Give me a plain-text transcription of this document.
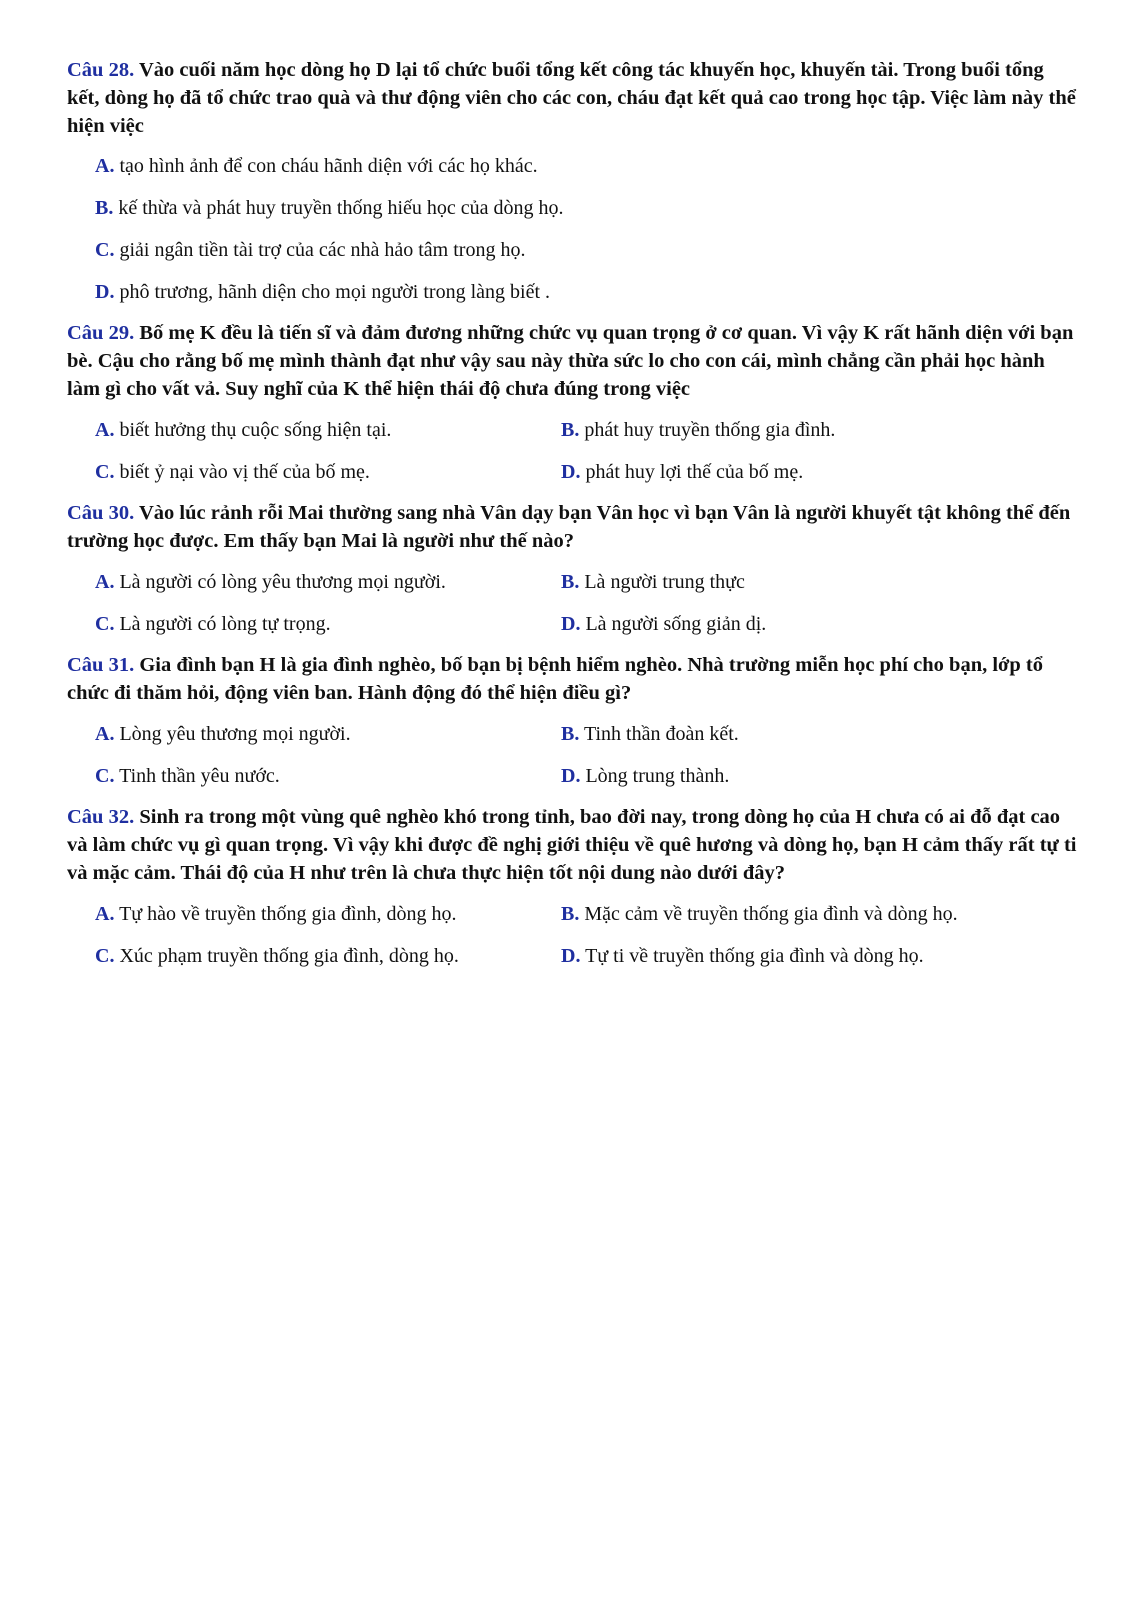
Câu 28. Vào cuối năm học dòng họ D lại tổ chức buổi tổng kết công tác khuyến học, khuyến tài. Trong buổi tổng kết, dòng họ đã tổ chức trao quà và thư động viên cho các con, cháu đạt kết quả cao trong học tập. Việc làm này thể hiện việc

A. tạo hình ảnh để con cháu hãnh diện với các họ khác.

B. kế thừa và phát huy truyền thống hiếu học của dòng họ.

C. giải ngân tiền tài trợ của các nhà hảo tâm trong họ.

D. phô trương, hãnh diện cho mọi người trong làng biết .

Câu 29. Bố mẹ K đều là tiến sĩ và đảm đương những chức vụ quan trọng ở cơ quan. Vì vậy K rất hãnh diện với bạn bè. Cậu cho rằng bố mẹ mình thành đạt như vậy sau này thừa sức lo cho con cái, mình chẳng cần phải học hành làm gì cho vất vả. Suy nghĩ của K thể hiện thái độ chưa đúng trong việc

A. biết hưởng thụ cuộc sống hiện tại.	B. phát huy truyền thống gia đình.

C. biết ỷ nại vào vị thế của bố mẹ.	D. phát huy lợi thế của bố mẹ.

Câu 30. Vào lúc rảnh rỗi Mai thường sang nhà Vân dạy bạn Vân học vì bạn Vân là người khuyết tật không thể đến trường học được. Em thấy bạn Mai là người như thế nào?

A. Là người có lòng yêu thương mọi người.	B. Là người trung thực

C. Là người có lòng tự trọng.	D. Là người sống giản dị.

Câu 31. Gia đình bạn H là gia đình nghèo, bố bạn bị bệnh hiểm nghèo. Nhà trường miễn học phí cho bạn, lớp tổ chức đi thăm hỏi, động viên ban. Hành động đó thể hiện điều gì?

A. Lòng yêu thương mọi người.	B. Tinh thần đoàn kết.

C. Tinh thần yêu nước.	D. Lòng trung thành.

Câu 32. Sinh ra trong một vùng quê nghèo khó trong tỉnh, bao đời nay, trong dòng họ của H chưa có ai đỗ đạt cao và làm chức vụ gì quan trọng. Vì vậy khi được đề nghị giới thiệu về quê hương và dòng họ, bạn H cảm thấy rất tự ti và mặc cảm. Thái độ của H như trên là chưa thực hiện tốt nội dung nào dưới đây?

A. Tự hào về truyền thống gia đình, dòng họ.	B. Mặc cảm về truyền thống gia đình và dòng họ.

C. Xúc phạm truyền thống gia đình, dòng họ.	D. Tự ti về truyền thống gia đình và dòng họ.
